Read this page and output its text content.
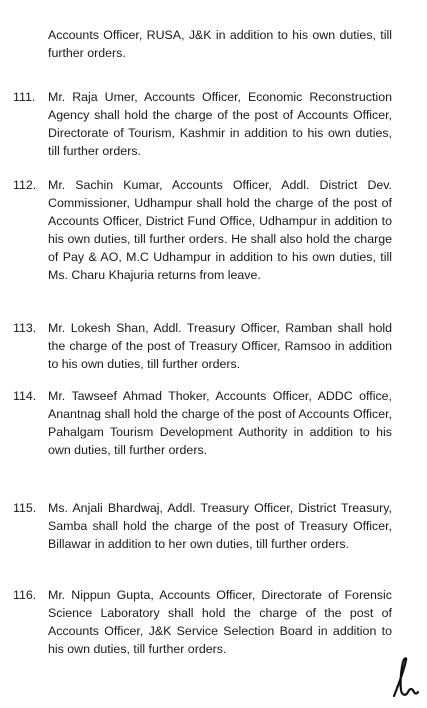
Accounts Officer, RUSA, J&K in addition to his own duties, till further orders.
111.	Mr. Raja Umer, Accounts Officer, Economic Reconstruction Agency shall hold the charge of the post of Accounts Officer, Directorate of Tourism, Kashmir in addition to his own duties, till further orders.
112. Mr. Sachin Kumar, Accounts Officer, Addl. District Dev. Commissioner, Udhampur shall hold the charge of the post of Accounts Officer, District Fund Office, Udhampur in addition to his own duties, till further orders. He shall also hold the charge of Pay & AO, M.C Udhampur in addition to his own duties, till Ms. Charu Khajuria returns from leave.
113. Mr. Lokesh Shan, Addl. Treasury Officer, Ramban shall hold the charge of the post of Treasury Officer, Ramsoo in addition to his own duties, till further orders.
114. Mr. Tawseef Ahmad Thoker, Accounts Officer, ADDC office, Anantnag shall hold the charge of the post of Accounts Officer, Pahalgam Tourism Development Authority in addition to his own duties, till further orders.
115. Ms. Anjali Bhardwaj, Addl. Treasury Officer, District Treasury, Samba shall hold the charge of the post of Treasury Officer, Billawar in addition to her own duties, till further orders.
116. Mr. Nippun Gupta, Accounts Officer, Directorate of Forensic Science Laboratory shall hold the charge of the post of Accounts Officer, J&K Service Selection Board in addition to his own duties, till further orders.
